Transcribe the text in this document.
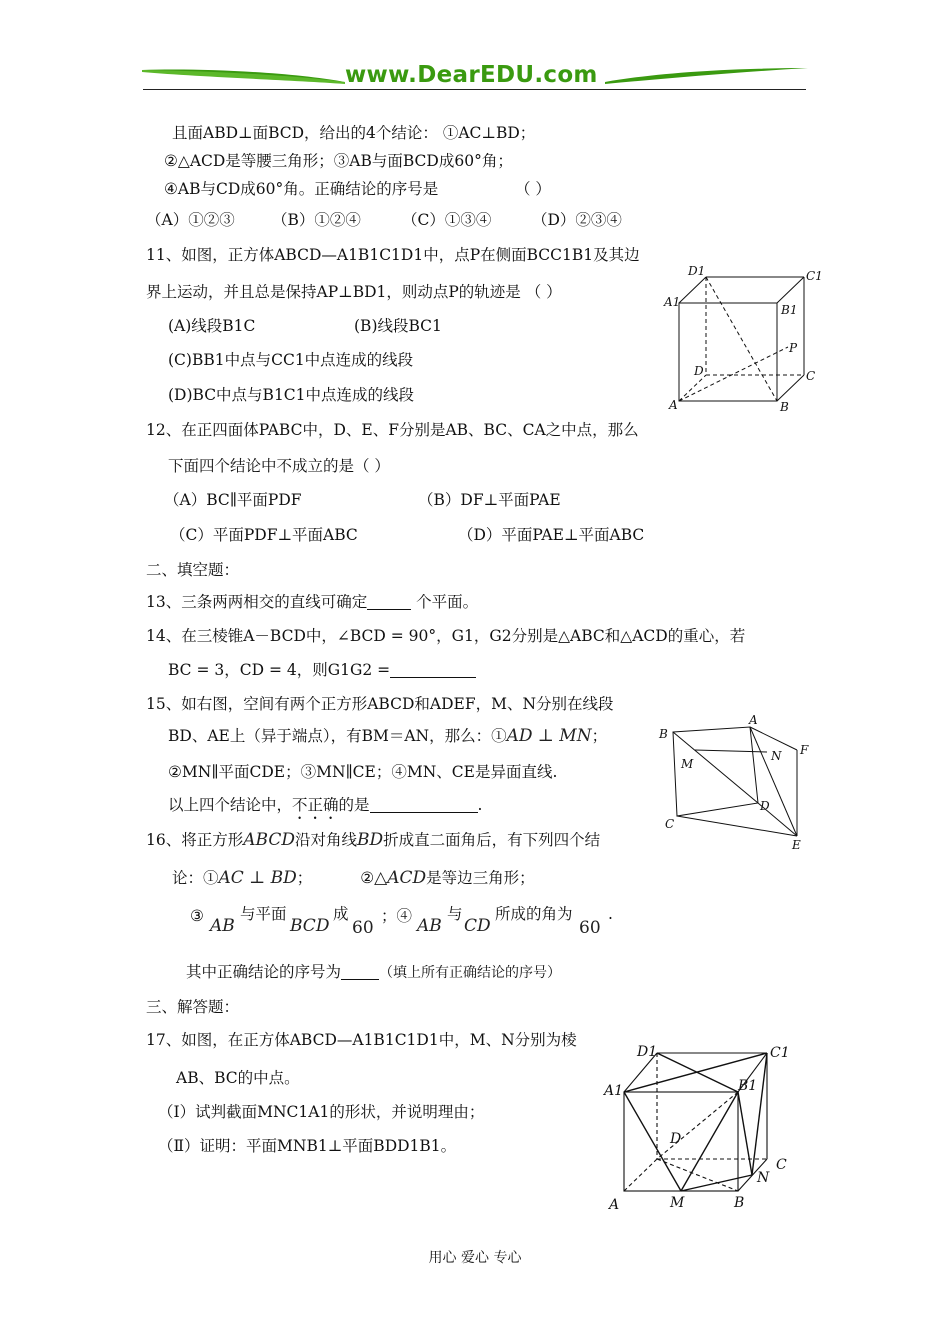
www.DearEDU.com
且面ABD⊥面BCD，给出的4个结论： ①AC⊥BD；
②△ACD是等腰三角形；③AB与面BCD成60°角；
④AB与CD成60°角。正确结论的序号是	（ ）
（A）①②③ （B）①②④	（C）①③④	（D）②③④
11、如图，正方体ABCD—A1B1C1D1中，点P在侧面BCC1B1及其边
界上运动，并且总是保持AP⊥BD1，则动点P的轨迹是 （ ）
(A)线段B1C	(B)线段BC1
(C)BB1中点与CC1中点连成的线段
(D)BC中点与B1C1中点连成的线段
D1	C1
A1
B1
P
D	C
A	B
12、在正四面体PABC中，D、E、F分别是AB、BC、CA之中点，那么
下面四个结论中不成立的是（ ）
（A）BC∥平面PDF	（B）DF⊥平面PAE
（C）平面PDF⊥平面ABC	（D）平面PAE⊥平面ABC
二、填空题：
13、三条两两相交的直线可确定	个平面。
14、在三棱锥A－BCD中，∠BCD = 90°，G1，G2分别是△ABC和△ACD的重心，若
BC = 3，CD = 4，则G1G2 =
15、如右图，空间有两个正方形ABCD和ADEF，M、N分别在线段
BD、AE上（异于端点），有BM＝AN，那么：①AD ⊥ MN；
②MN∥平面CDE；③MN∥CE；④MN、CE是异面直线.
以上四个结论中，不正确的是	.
A
B
N F
M
D
C
E
16、将正方形ABCD沿对角线BD折成直二面角后，有下列四个结
论：①AC ⊥ BD；	②△ACD是等边三角形；
③ AB
与平面
BCD
成
60
；④ AB
与
CD
所成的角为
60
.
其中正确结论的序号为	（填上所有正确结论的序号）
三、解答题：
17、如图，在正方体ABCD—A1B1C1D1中，M、N分别为棱
AB、BC的中点。
（Ⅰ）试判截面MNC1A1的形状，并说明理由；
（Ⅱ）证明：平面MNB1⊥平面BDD1B1。
D1	C1
A1	B1
D
C
N
A	M	B
用心 爱心 专心
